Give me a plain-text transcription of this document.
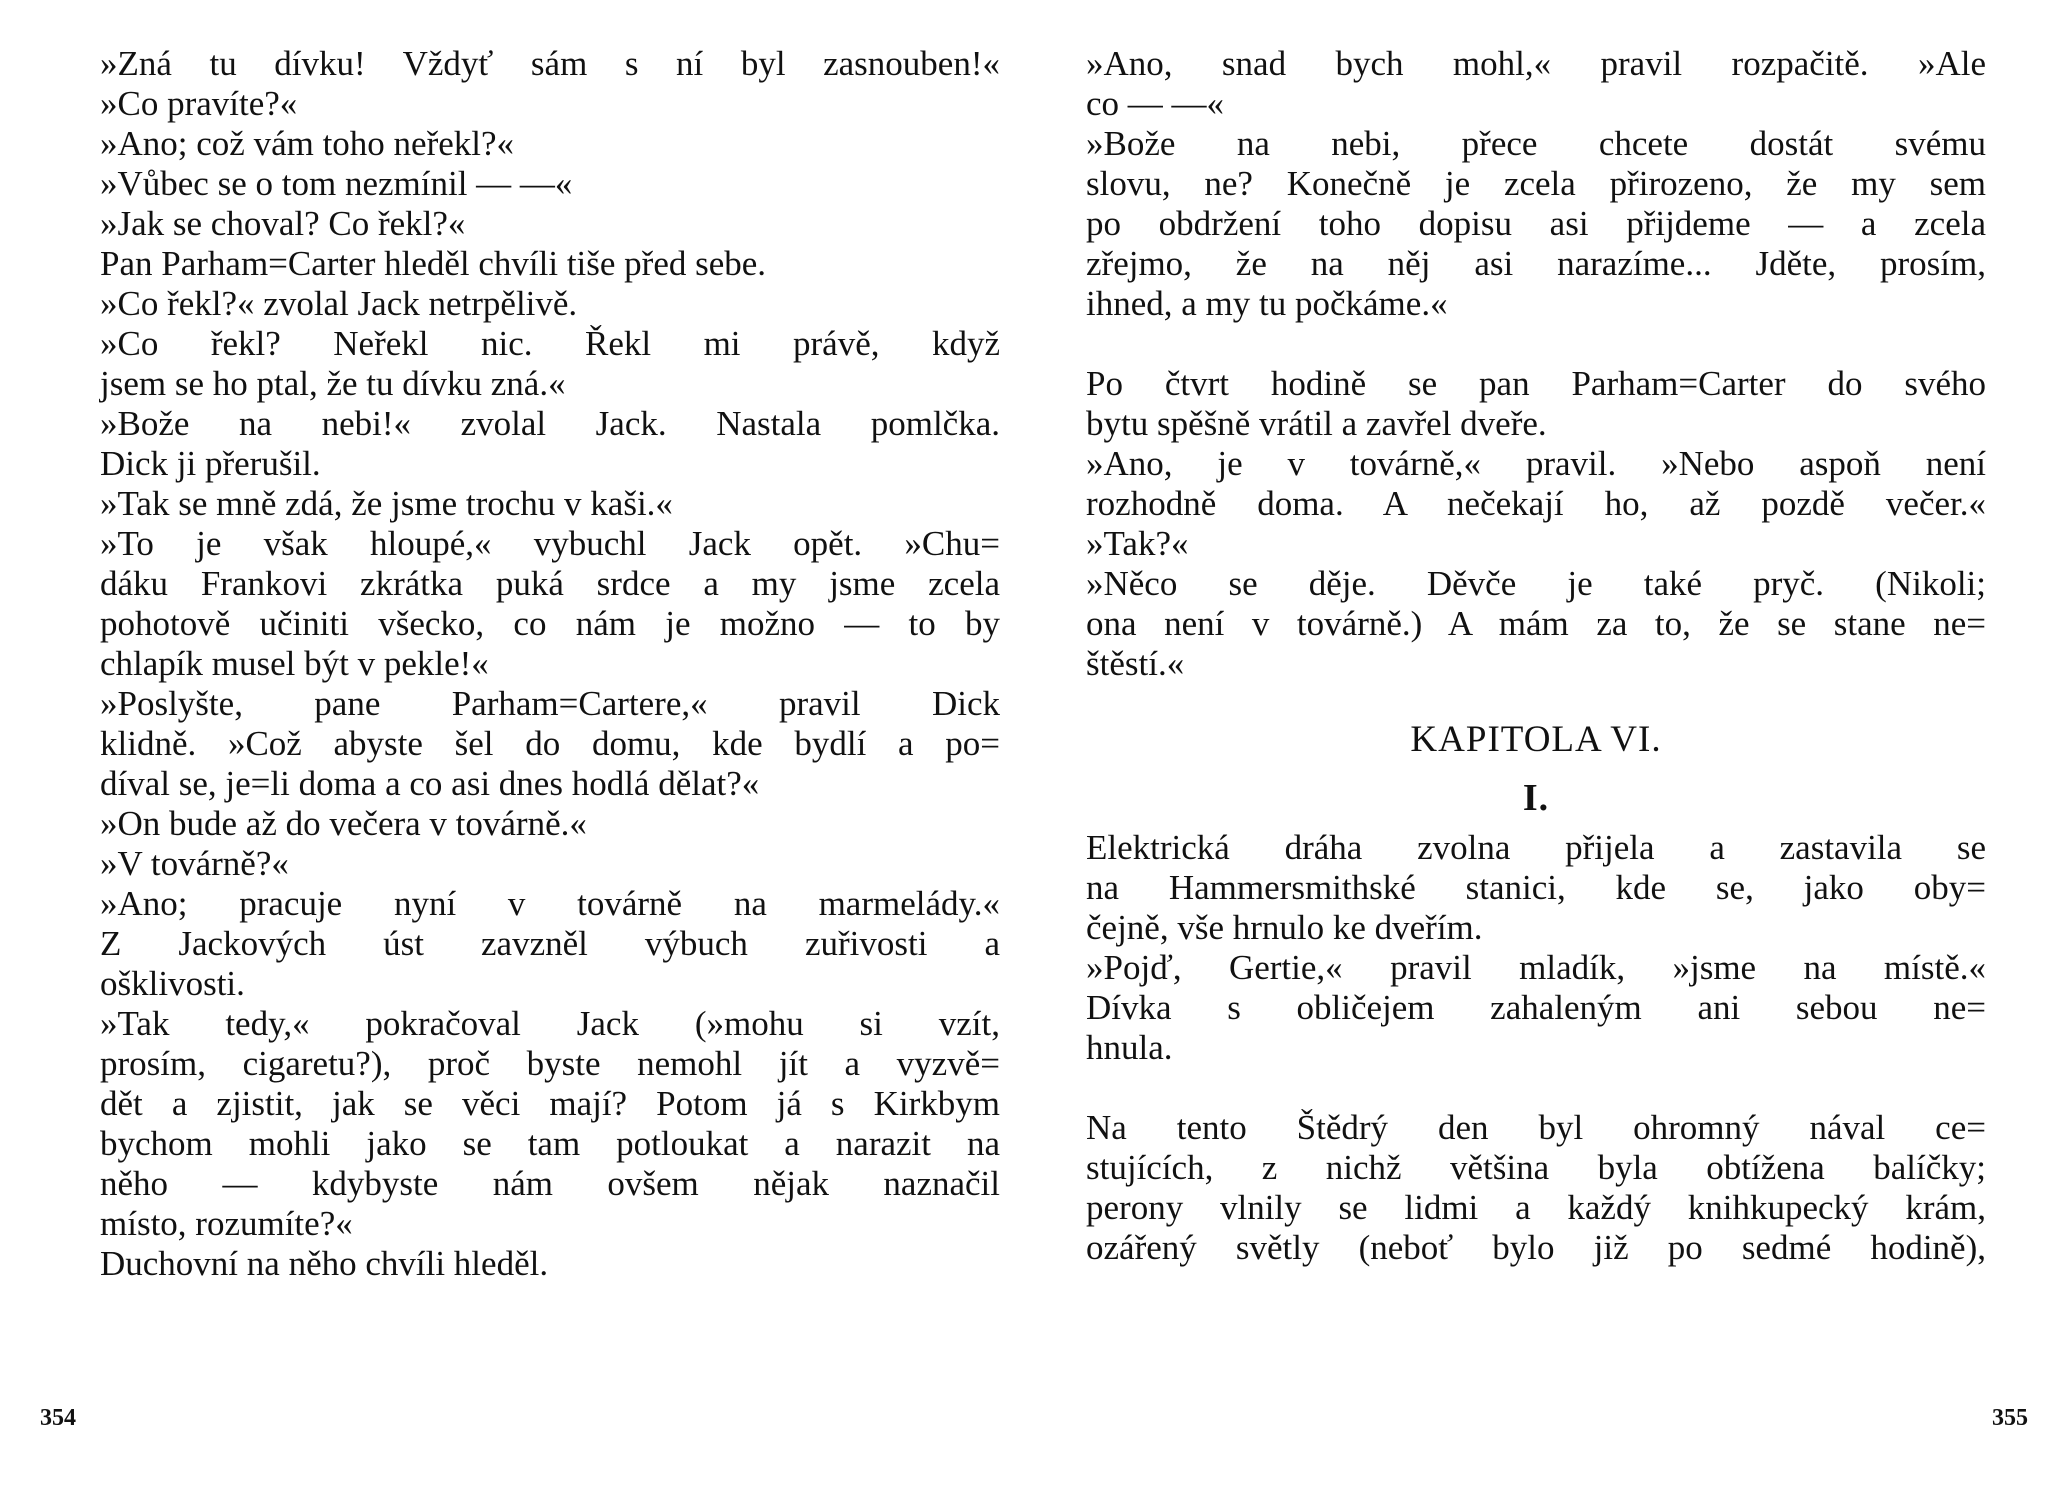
»Zná tu dívku! Vždyť sám s ní byl zasnouben!«
»Co pravíte?«
»Ano; což vám toho neřekl?«
»Vůbec se o tom nezmínil — —«
»Jak se choval? Co řekl?«
Pan Parham=Carter hleděl chvíli tiše před sebe.
»Co řekl?« zvolal Jack netrpělivě.
»Co řekl? Neřekl nic. Řekl mi právě, když
jsem se ho ptal, že tu dívku zná.«
»Bože na nebi!« zvolal Jack. Nastala pomlčka.
Dick ji přerušil.
»Tak se mně zdá, že jsme trochu v kaši.«
»To je však hloupé,« vybuchl Jack opět. »Chu=
dáku Frankovi zkrátka puká srdce a my jsme zcela
pohotově učiniti všecko, co nám je možno — to by
chlapík musel být v pekle!«
»Poslyšte, pane Parham=Cartere,« pravil Dick
klidně. »Což abyste šel do domu, kde bydlí a po=
díval se, je=li doma a co asi dnes hodlá dělat?«
»On bude až do večera v továrně.«
»V továrně?«
»Ano; pracuje nyní v továrně na marmelády.«
Z Jackových úst zavzněl výbuch zuřivosti a
ošklivosti.
»Tak tedy,« pokračoval Jack (»mohu si vzít,
prosím, cigaretu?), proč byste nemohl jít a vyzvě=
dět a zjistit, jak se věci mají? Potom já s Kirkbym
bychom mohli jako se tam potloukat a narazit na
něho — kdybyste nám ovšem nějak naznačil
místo, rozumíte?«
Duchovní na něho chvíli hleděl.
»Ano, snad bych mohl,« pravil rozpačitě. »Ale
co — —«
»Bože na nebi, přece chcete dostát svému
slovu, ne? Konečně je zcela přirozeno, že my sem
po obdržení toho dopisu asi přijdeme — a zcela
zřejmo, že na něj asi narazíme... Jděte, prosím,
ihned, a my tu počkáme.«
Po čtvrt hodině se pan Parham=Carter do svého
bytu spěšně vrátil a zavřel dveře.
»Ano, je v továrně,« pravil. »Nebo aspoň není
rozhodně doma. A nečekají ho, až pozdě večer.«
»Tak?«
»Něco se děje. Děvče je také pryč. (Nikoli;
ona není v továrně.) A mám za to, že se stane ne=
štěstí.«
KAPITOLA VI.
I.
Elektrická dráha zvolna přijela a zastavila se
na Hammersmithské stanici, kde se, jako oby=
čejně, vše hrnulo ke dveřím.
»Pojď, Gertie,« pravil mladík, »jsme na místě.«
Dívka s obličejem zahaleným ani sebou ne=
hnula.
Na tento Štědrý den byl ohromný nával ce=
stujících, z nichž většina byla obtížena balíčky;
perony vlnily se lidmi a každý knihkupecký krám,
ozářený světly (neboť bylo již po sedmé hodině),
354	355
